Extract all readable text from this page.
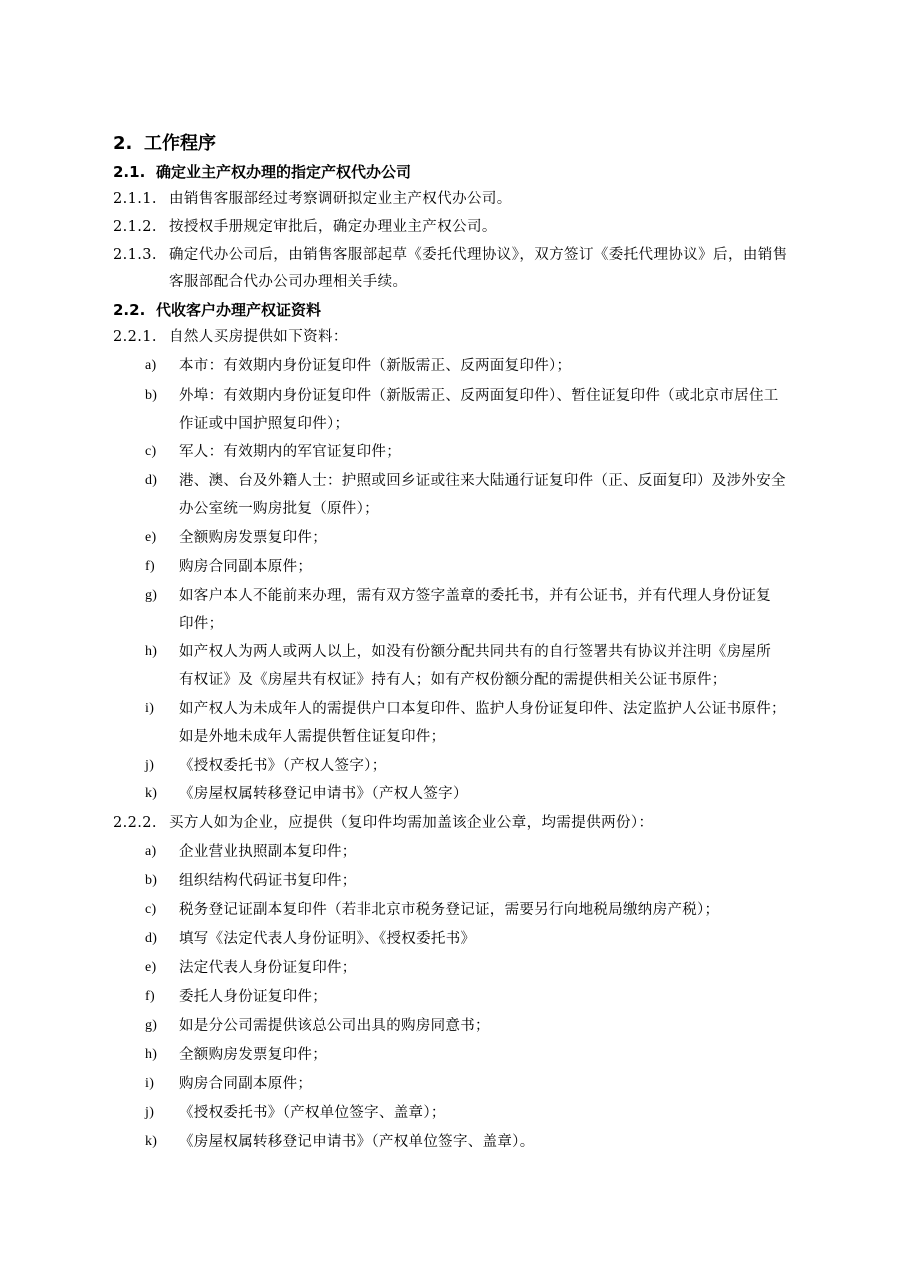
2. 工作程序
2.1. 确定业主产权办理的指定产权代办公司
2.1.1. 由销售客服部经过考察调研拟定业主产权代办公司。
2.1.2. 按授权手册规定审批后，确定办理业主产权公司。
2.1.3. 确定代办公司后，由销售客服部起草《委托代理协议》，双方签订《委托代理协议》后，由销售
客服部配合代办公司办理相关手续。
2.2. 代收客户办理产权证资料
2.2.1. 自然人买房提供如下资料：
a) 本市：有效期内身份证复印件（新版需正、反两面复印件）；
b) 外埠：有效期内身份证复印件（新版需正、反两面复印件）、暂住证复印件（或北京市居住工
作证或中国护照复印件）；
c) 军人：有效期内的军官证复印件；
d) 港、澳、台及外籍人士：护照或回乡证或往来大陆通行证复印件（正、反面复印）及涉外安全
办公室统一购房批复（原件）；
e) 全额购房发票复印件；
f) 购房合同副本原件；
g) 如客户本人不能前来办理，需有双方签字盖章的委托书，并有公证书，并有代理人身份证复
印件；
h) 如产权人为两人或两人以上，如没有份额分配共同共有的自行签署共有协议并注明《房屋所
有权证》及《房屋共有权证》持有人；如有产权份额分配的需提供相关公证书原件；
i) 如产权人为未成年人的需提供户口本复印件、监护人身份证复印件、法定监护人公证书原件；
如是外地未成年人需提供暂住证复印件；
j) 《授权委托书》（产权人签字）；
k) 《房屋权属转移登记申请书》（产权人签字）
2.2.2. 买方人如为企业，应提供（复印件均需加盖该企业公章，均需提供两份）：
a) 企业营业执照副本复印件；
b) 组织结构代码证书复印件；
c) 税务登记证副本复印件（若非北京市税务登记证，需要另行向地税局缴纳房产税）；
d) 填写《法定代表人身份证明》、《授权委托书》
e) 法定代表人身份证复印件；
f) 委托人身份证复印件；
g) 如是分公司需提供该总公司出具的购房同意书；
h) 全额购房发票复印件；
i) 购房合同副本原件；
j) 《授权委托书》（产权单位签字、盖章）；
k) 《房屋权属转移登记申请书》（产权单位签字、盖章）。
